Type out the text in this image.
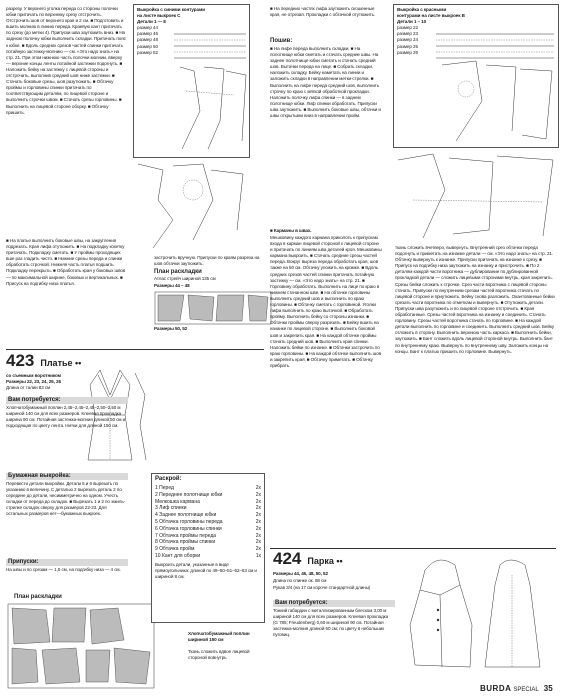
разрезу. У верхнего уголка переда со стороны полочки юбки притачать по верхнему срезу отстрочить. Отстрочить шов от верхнего края и 2 см. ■ Подготовить и вшить молнию в линию переда. Краевую кант притачать по срезу (до метки 4). Припуски шва заутюжить вниз. ■ На заднюю полочку юбки выполнить складки. Притачать пояс к юбке. ■ Вдоль средних срезов частей спинки притачать потайную застежку-молнию — см. «Это надо знать» на стр. 21. При этом нижнюю часть полочки молнии, вверху — верхние концы ленты потайной застежки подогнуть. ■ Наложить бейку на застежку с лицевой стороны и отстрочить, выполнив средний шов ниже застежки. ■ Стачать боковые срезы, шов разутюжить. ■ Обтачку проймы и горловины спинки притачать по соответствующим деталям, по лицевой стороне и выполнить строчки швом. ■ Стачать срезы горловины. ■ Выполнить на лицевой стороне оборку. ■ Обтачку пришить.
■ На платье выполнить боковые швы, на закругления подрезать. Края лифа отутюжить. ■ На подкладку кокетку притачать. Подкладку сметать. ■ У проймы проходящих вше раз гладить чисто. ■ Нижние срезы переда и спинки обработать строчкой. Нижняя часть платья подшить. Подкладку перекрыть. ■ Обработать края у боковых швов — по максимальной ширине, боковых и вертикальных. ■ Присуск на подгибку низа платья.
423 Платье ••
со съемным воротником
Размеры 22, 23, 24, 25, 26
Длина от талии 83 см
Вам потребуется:
Хлопчатобумажный поплин 2,45–2,45–2,45–2,50–2,50 м шириной 140 см для всех размеров. Клеевая прокладка ширина 90 см. Потайная застежка-молния длиной 50 см и подходящая по цвету лента. Нитки для длиной 150 см.
Бумажная выкройка:
Перевести детали выкройки. Детали 5 и 6 вырезать по указанию в величину. С деталью 2 вырезать деталь 2 по середине до детали, несимметрично на одном. Учесть складки от переда до складок. ■ Вырезать 1 и 2 по эмиль-стрелке складок сверху для размеров 22-23. Для остальных размеров нет—бумажных выкроек.
Припуски:
На швы и по срезам — 1,5 см, на подгибку низа — 4 см.
План раскладки
Выкройка с синими контурами
на листе выкроек С
Детали 1 — 8
размер 44
размер 46
размер 48
размер 50
размер 52
застрочить вручную. Припуски по краям разреза на шов обтачки заутюжить.
План раскладки
Атлас стрейч шириной 135 см
Размеры 44 – 48
Размеры 50, 52
Раскрой:
1 Перед	2x
2 Переднее полотнище юбки	2x
Мелкошка кармана	2x
3 Лиф спинки	2x
4 Заднее полотнище юбки	2x
5 Обтачка горловины переда	2x
6 Обтачка горловины спинки	2x
7 Обтачка проймы переда	2x
8 Обтачка проймы спинки	2x
9 Обтачка пройм	2x
10 Кант для оборки	1x
Выкроить детали, указанные в виде прямоугольника: длиной по 49–50–51–52–53 см и шириной 8 см.
Хлопчатобумажный поплин шириной 150 см
Ткань сложить вдвое лицевой стороной вовнутрь
■ На передних частях лифа заутюжить скошенные края, не отрезая. Прокладки с обтачкой отутюжить.
Пошив:
■ На лифе переда выполнить складки. ■ На полотнище юбки сметать и стачать средние швы. На заднее полотнище юбки сметать и стачать средний шов. Вытачки переда на лице. ■ Собрать складки, наложить складку. Бейку наметать на линии и заложить складки в направлении метки-стрелки. ■ Выполнить на лифе переда средний шов, выполнить строчку по краю с мягкой обработкой прокладки. Наложить полочку лифа спинки — в заднем полотнище юбки. Лиф спинки обработать. Припуски шва заутюжить. ■ Выполнить боковые швы, обтачки и швы открытыми вниз в направлении пройм.
■ Карманы в швах.
Мешковину каждого кармана приколоть к припускам входа в карман лицевой стороной к лицевой стороне и притачать по линиям шва деталей кроя. Мешковины кармана выкроить. ■ Стачать средние срезы частей переда. Вокруг выреза переда обработать края, шов также на 50 см. Обтачку уложить на кромке. ■ Вдоль средних срезов частей спинки притачать потайную застежку — см. «Это надо знать» на стр. 21. ■ Горловину обработать. Выполнить на лице по краю в нижнем стачанном шве. ■ На обтачке горловины выполнить средний шов и выполнить по краю горловины. ■ Обтачку сметать с горловиной. Уголки лифа выполнить по краю вытачкой. ■ Обработать пройму. Выполнить бейку со стороны изнанки. ■ Обтачки проймы сверху разрезать. ■ Бейку вшить на изнанке по лицевой стороне. ■ Выполнить боковой шов и закрепить края. ■ На каждой обтачке проймы стачать средний шов. ■ Выполнить края спинки. Наложить бейки по изнанке. ■ Обтачки застрочить по краю горловины. ■ На каждой обтачке выполнить шов и закрепить края. ■ Обтачку приметать. ■ Обтачку прибрать.
424 Парка ••
Размеры 44, 46, 48, 50, 52
Длина по спинке ок. 88 см
Рукав 3/4 (на 17 см короче стандартной длины)
Вам потребуется:
Тонкий габардин с металлизированным блеском 3,00 м шириной 140 см для всех размеров. Клеевая прокладка (G 785; Freudenberg) 0,60 м шириной 90 см. Потайная застежка-молния длиной 60 см; по цвету 6 небольших пуговиц.
Выкройка с красными
контурами на листе выкроек В
Детали 1 – 10
размер 22
размер 23
размер 24
размер 25
размер 26
ткань сложить вчетверо, вывернуть. Внутренний срез обтачки переда подогнуть и приметать на изнанке детали — см. «Это надо знать» на стр. 21. Обтачку вывернуть к изнанке. Припуски притачать на изнанке к срезу. ■ Припуск на подгибку низа заутюжить на изнанку и пристрочить. ■ По 2 деталям каждой части воротника — дублирование по дублированной прокладкой детали — сложить лицевыми сторонами внутрь, края закрепить. Срезы бейки сложить к строчке. Срез части воротника с лицевой стороны стачать. Припуски по внутренним срезам частей воротника стачать по лицевой стороне и приутюжить. Бейку снова разложить. Окантованные бейки срезать части воротника по отметкам и вывернуть. ■ Отутюжить детали. Припуски шва разутюжить и по лицевой стороне отстрочить. ■ Края обработанные. Срезы частей воротника на изнанку и соединить. Стачать горловину. Срезы частей воротника стачать по горловине. ■ На каждой детали выполнить по горловине и соединить. Выполнить средний шов. Бейку отложить в сторону. Выполнить верхнюю часть каркаса. ■ Выполнить бейки, заутюжить. ■ Бант сложить вдоль лицевой стороной внутрь. Выполнить бант по внутреннему краю. Вывернуть по внутреннему шву. Заложить концы на концы. Бант к платью пришить по горловине. Вывернуть.
BURDA SPECIAL 35
